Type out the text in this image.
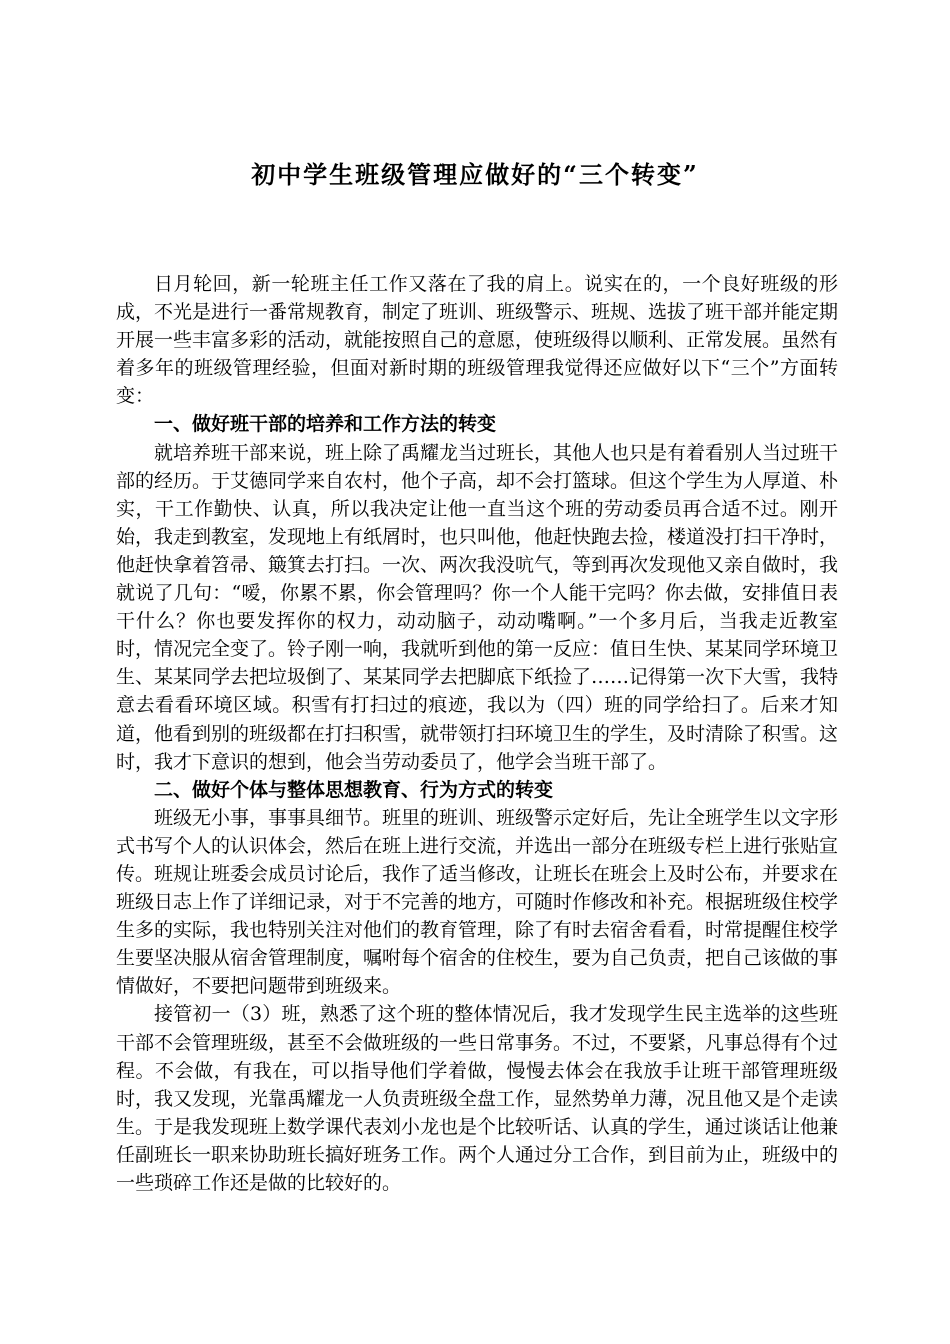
初中学生班级管理应做好的“三个转变”

日月轮回，新一轮班主任工作又落在了我的肩上。说实在的，一个良好班级的形成，不光是进行一番常规教育，制定了班训、班级警示、班规、选拔了班干部并能定期开展一些丰富多彩的活动，就能按照自己的意愿，使班级得以顺利、正常发展。虽然有着多年的班级管理经验，但面对新时期的班级管理我觉得还应做好以下“三个”方面转变：

一、做好班干部的培养和工作方法的转变

就培养班干部来说，班上除了禹耀龙当过班长，其他人也只是有着看别人当过班干部的经历。于艾德同学来自农村，他个子高，却不会打篮球。但这个学生为人厚道、朴实，干工作勤快、认真，所以我决定让他一直当这个班的劳动委员再合适不过。刚开始，我走到教室，发现地上有纸屑时，也只叫他，他赶快跑去捡，楼道没打扫干净时，他赶快拿着笤帚、簸箕去打扫。一次、两次我没吭气，等到再次发现他又亲自做时，我就说了几句：“嗳，你累不累，你会管理吗？你一个人能干完吗？你去做，安排值日表干什么？你也要发挥你的权力，动动脑子，动动嘴啊。”一个多月后，当我走近教室时，情况完全变了。铃子刚一响，我就听到他的第一反应：值日生快、某某同学环境卫生、某某同学去把垃圾倒了、某某同学去把脚底下纸捡了……记得第一次下大雪，我特意去看看环境区域。积雪有打扫过的痕迹，我以为（四）班的同学给扫了。后来才知道，他看到别的班级都在打扫积雪，就带领打扫环境卫生的学生，及时清除了积雪。这时，我才下意识的想到，他会当劳动委员了，他学会当班干部了。

二、做好个体与整体思想教育、行为方式的转变

班级无小事，事事具细节。班里的班训、班级警示定好后，先让全班学生以文字形式书写个人的认识体会，然后在班上进行交流，并选出一部分在班级专栏上进行张贴宣传。班规让班委会成员讨论后，我作了适当修改，让班长在班会上及时公布，并要求在班级日志上作了详细记录，对于不完善的地方，可随时作修改和补充。根据班级住校学生多的实际，我也特别关注对他们的教育管理，除了有时去宿舍看看，时常提醒住校学生要坚决服从宿舍管理制度，嘱咐每个宿舍的住校生，要为自己负责，把自己该做的事情做好，不要把问题带到班级来。

接管初一（3）班，熟悉了这个班的整体情况后，我才发现学生民主选举的这些班干部不会管理班级，甚至不会做班级的一些日常事务。不过，不要紧，凡事总得有个过程。不会做，有我在，可以指导他们学着做，慢慢去体会在我放手让班干部管理班级时，我又发现，光靠禹耀龙一人负责班级全盘工作，显然势单力薄，况且他又是个走读生。于是我发现班上数学课代表刘小龙也是个比较听话、认真的学生，通过谈话让他兼任副班长一职来协助班长搞好班务工作。两个人通过分工合作，到目前为止，班级中的一些琐碎工作还是做的比较好的。
